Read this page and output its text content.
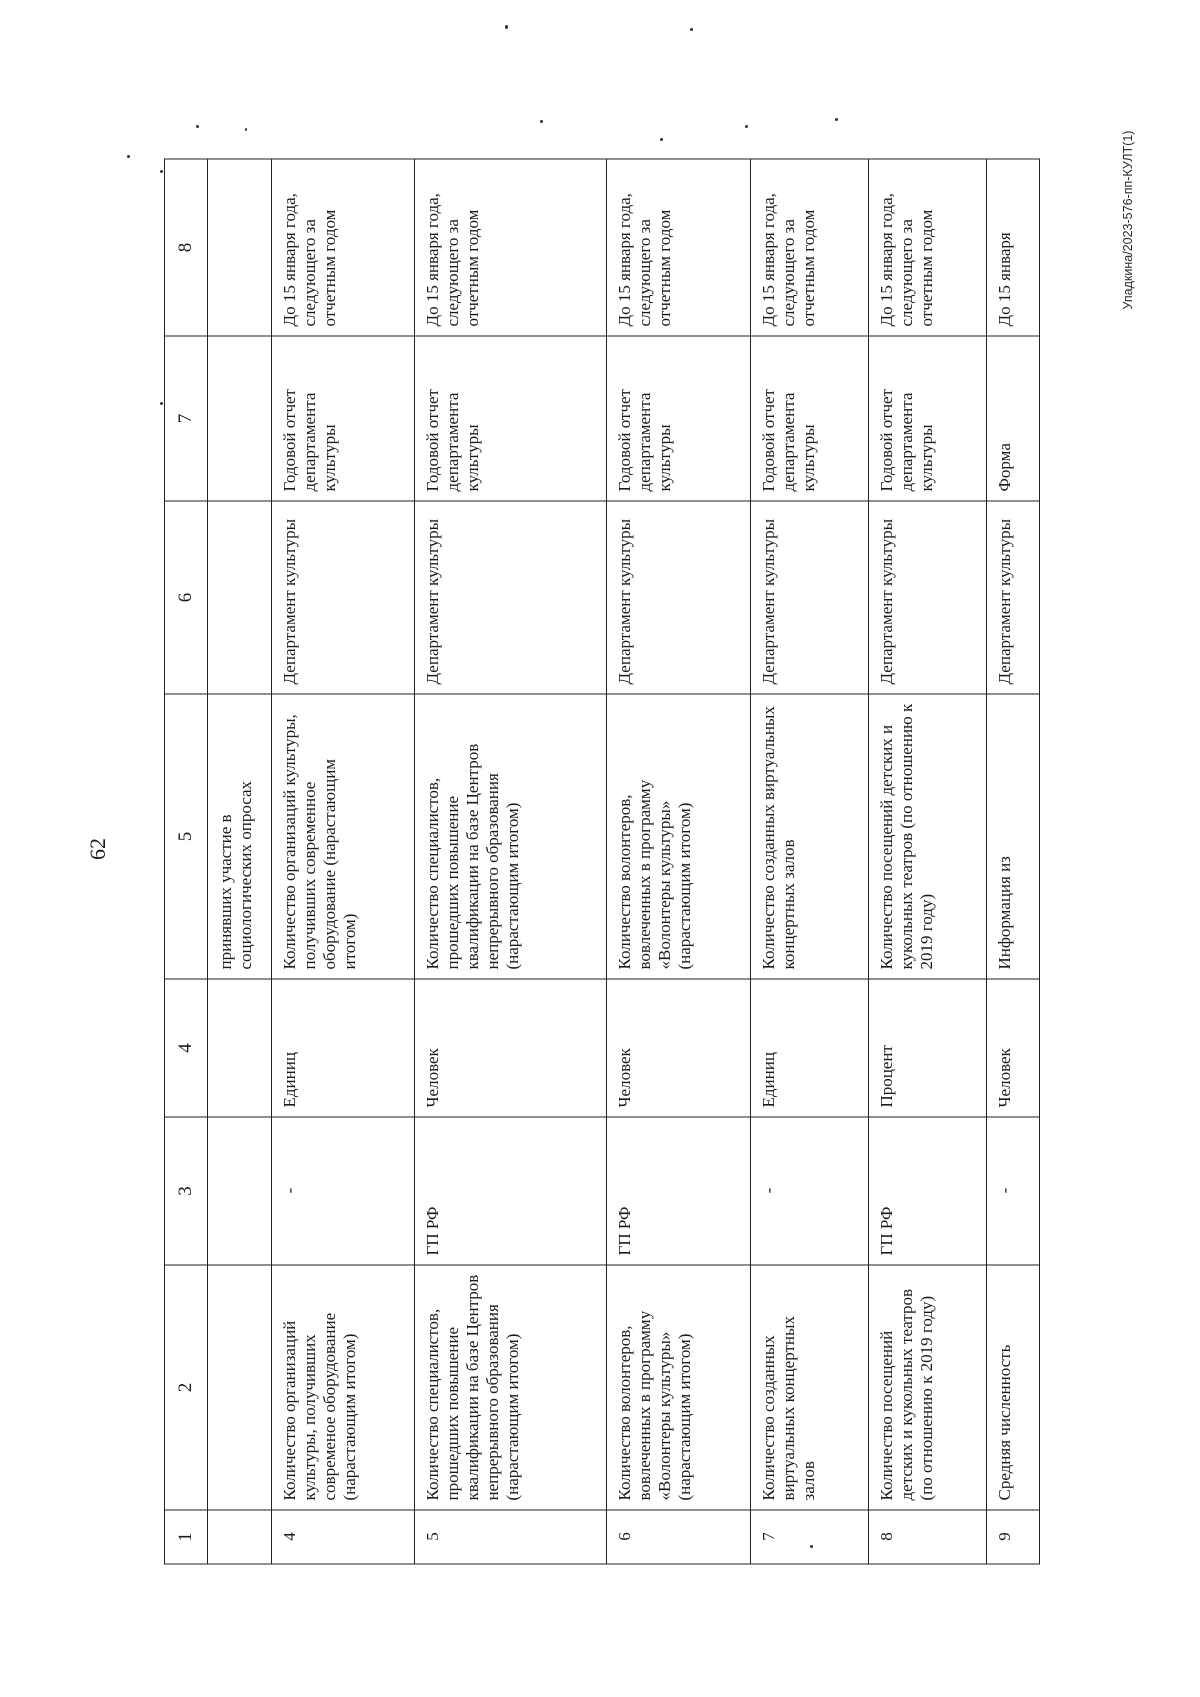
62
Упадкина/2023-576-пп-КУЛТ(1)
1	2	3	4	5	6	7	8
				принявших участие в социологических опросах			
4	Количество организаций культуры, получивших современое оборудование (нарастающим итогом)	-	Единиц	Количество организаций культуры, получивших современное оборудование (нарастающим итогом)	Департамент культуры	Годовой отчет департамента культуры	До 15 января года, следующего за отчетным годом
5	Количество специалистов, прошедших повышение квалификации на базе Центров непрерывного образования (нарастающим итогом)	ГП РФ	Человек	Количество специалистов, прошедших повышение квалификации на базе Центров непрерывного образования (нарастающим итогом)	Департамент культуры	Годовой отчет департамента культуры	До 15 января года, следующего за отчетным годом
6	Количество волонтеров, вовлеченных в программу «Волонтеры культуры» (нарастающим итогом)	ГП РФ	Человек	Количество волонтеров, вовлеченных в программу «Волонтеры культуры» (нарастающим итогом)	Департамент культуры	Годовой отчет департамента культуры	До 15 января года, следующего за отчетным годом
7	Количество созданных виртуальных концертных залов	-	Единиц	Количество созданных виртуальных концертных залов	Департамент культуры	Годовой отчет департамента культуры	До 15 января года, следующего за отчетным годом
8	Количество посещений детских и кукольных театров (по отношению к 2019 году)	ГП РФ	Процент	Количество посещений детских и кукольных театров (по отношению к 2019 году)	Департамент культуры	Годовой отчет департамента культуры	До 15 января года, следующего за отчетным годом
9	Средняя численность	-	Человек	Информация из	Департамент культуры	Форма	До 15 января
